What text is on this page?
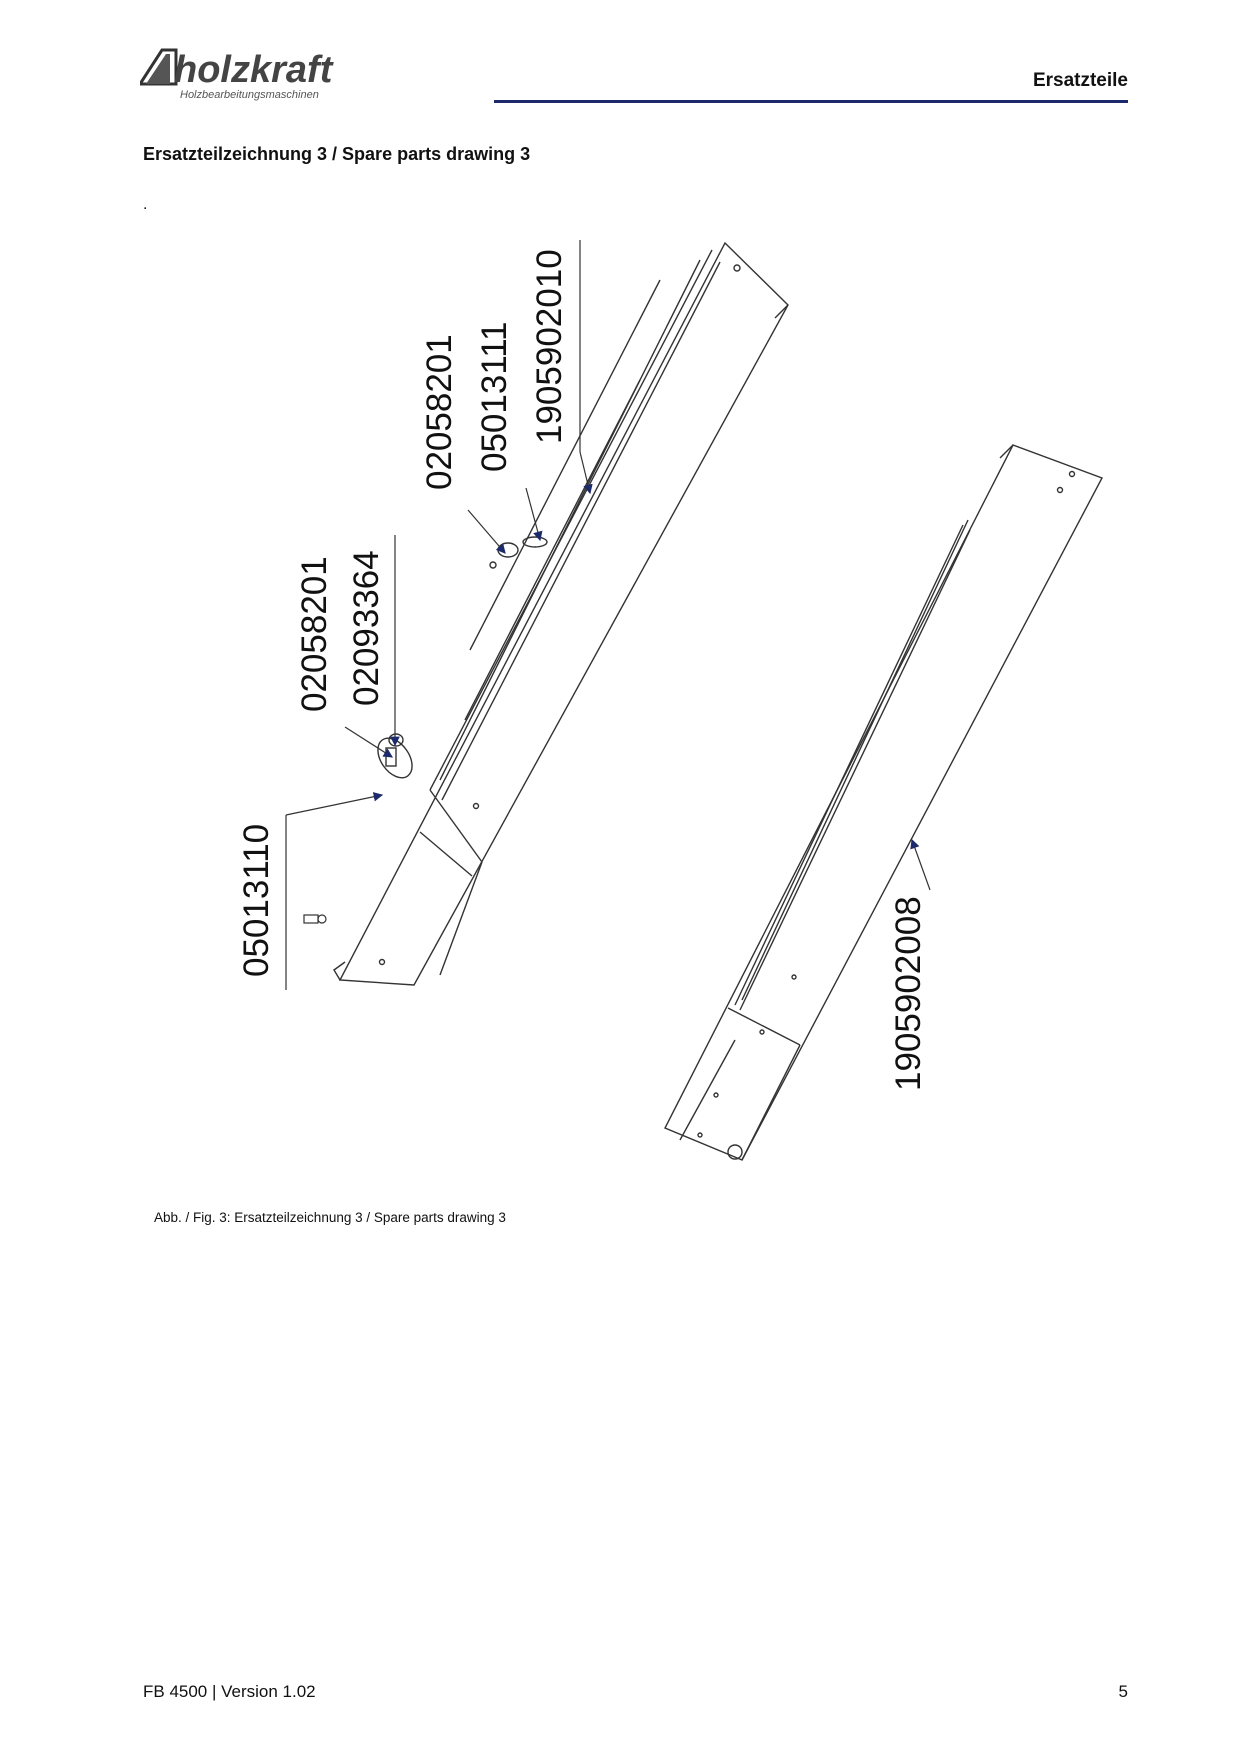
holzkraft
Holzbearbeitungsmaschinen
Ersatzteile
Ersatzteilzeichnung 3 / Spare parts drawing 3
.
02058201 05013111 1905902010
02058201 02093364
05013110	1905902008
Abb. / Fig. 3: Ersatzteilzeichnung 3 / Spare parts drawing 3
FB 4500 | Version 1.02	5
